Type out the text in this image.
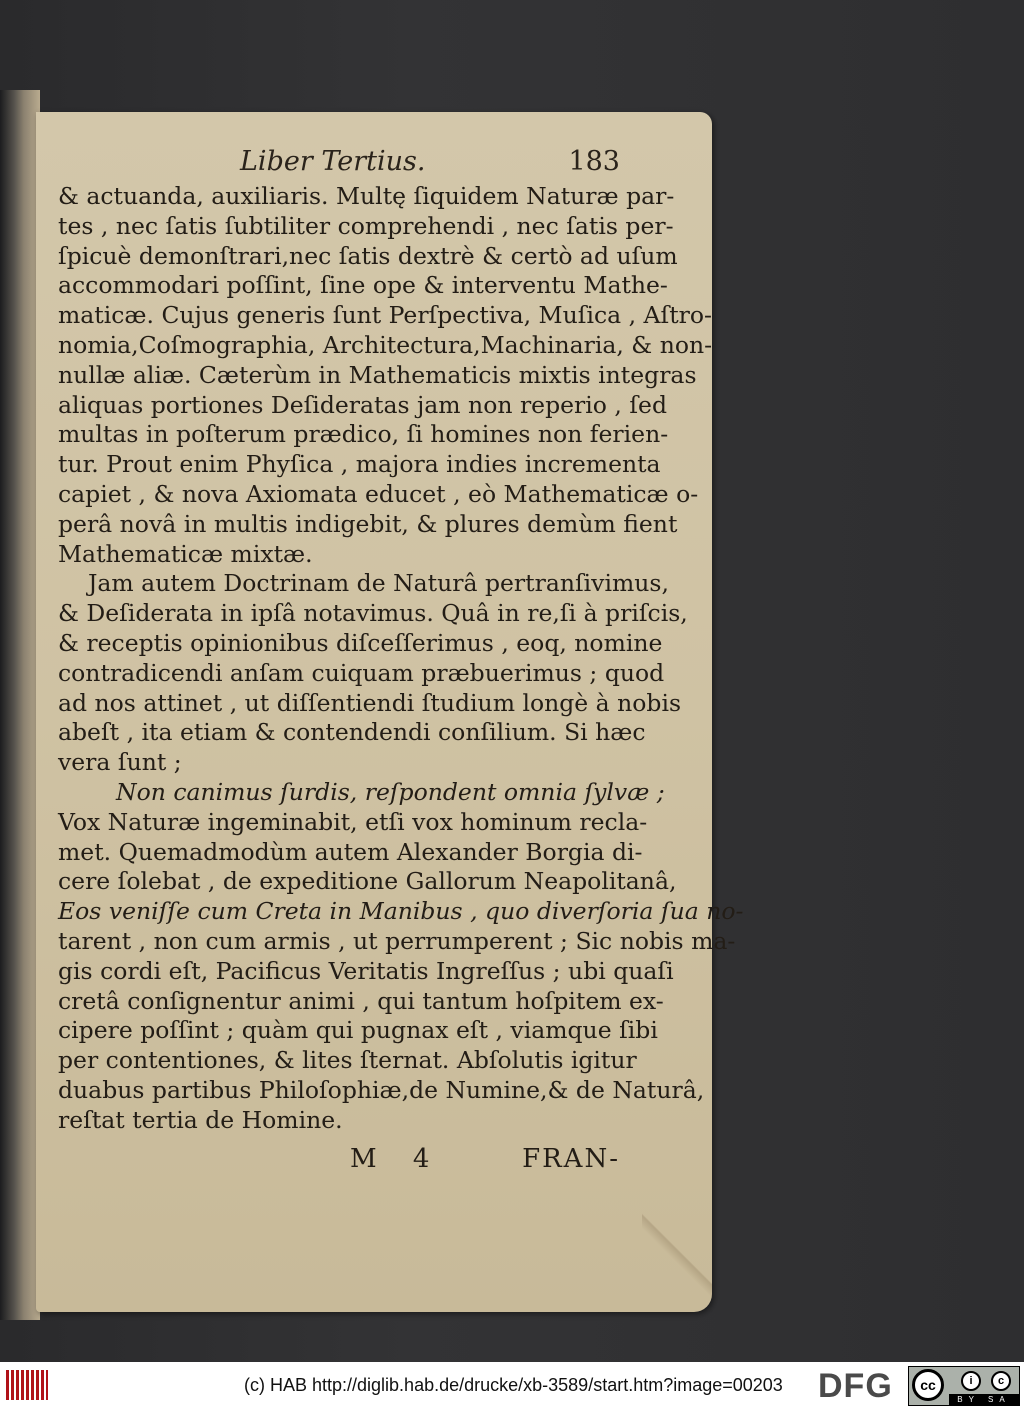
Liber Tertius.	183
& actuanda, auxiliaris. Multę ſiquidem Naturæ par-
tes , nec ſatis ſubtiliter comprehendi , nec ſatis per-
ſpicuè demonſtrari,nec ſatis dextrè & certò ad uſum
accommodari poſſint, ſine ope & interventu Mathe-
maticæ. Cujus generis ſunt Perſpectiva, Muſica , Aſtro-
nomia,Coſmographia, Architectura,Machinaria, & non-
nullæ aliæ. Cæterùm in Mathematicis mixtis integras
aliquas portiones Deſideratas jam non reperio , ſed
multas in poſterum prædico, ſi homines non ferien-
tur. Prout enim Phyſica , majora indies incrementa
capiet , & nova Axiomata educet , eò Mathematicæ o-
perâ novâ in multis indigebit, & plures demùm fient
Mathematicæ mixtæ.
Jam autem Doctrinam de Naturâ pertranſivimus,
& Deſiderata in ipſâ notavimus. Quâ in re,ſi à priſcis,
& receptis opinionibus diſceſſerimus , eoq, nomine
contradicendi anſam cuiquam præbuerimus ; quod
ad nos attinet , ut diſſentiendi ſtudium longè à nobis
abeſt , ita etiam & contendendi conſilium. Si hæc
vera ſunt ;
Non canimus ſurdis, reſpondent omnia ſylvæ ;
Vox Naturæ ingeminabit, etſi vox hominum recla-
met. Quemadmodùm autem Alexander Borgia di-
cere ſolebat , de expeditione Gallorum Neapolitanâ,
Eos veniſſe cum Creta in Manibus , quo diverſoria ſua no-
tarent , non cum armis , ut perrumperent ; Sic nobis ma-
gis cordi eſt, Pacificus Veritatis Ingreſſus ; ubi quaſi
cretâ conſignentur animi , qui tantum hoſpitem ex-
cipere poſſint ; quàm qui pugnax eſt , viamque ſibi
per contentiones, & lites ſternat. Abſolutis igitur
duabus partibus Philoſophiæ,de Numine,& de Naturâ,
reſtat tertia de Homine.
M 4	FRAN-
(c) HAB http://diglib.hab.de/drucke/xb-3589/start.htm?image=00203 DFG	cc	i	c
BY SA
